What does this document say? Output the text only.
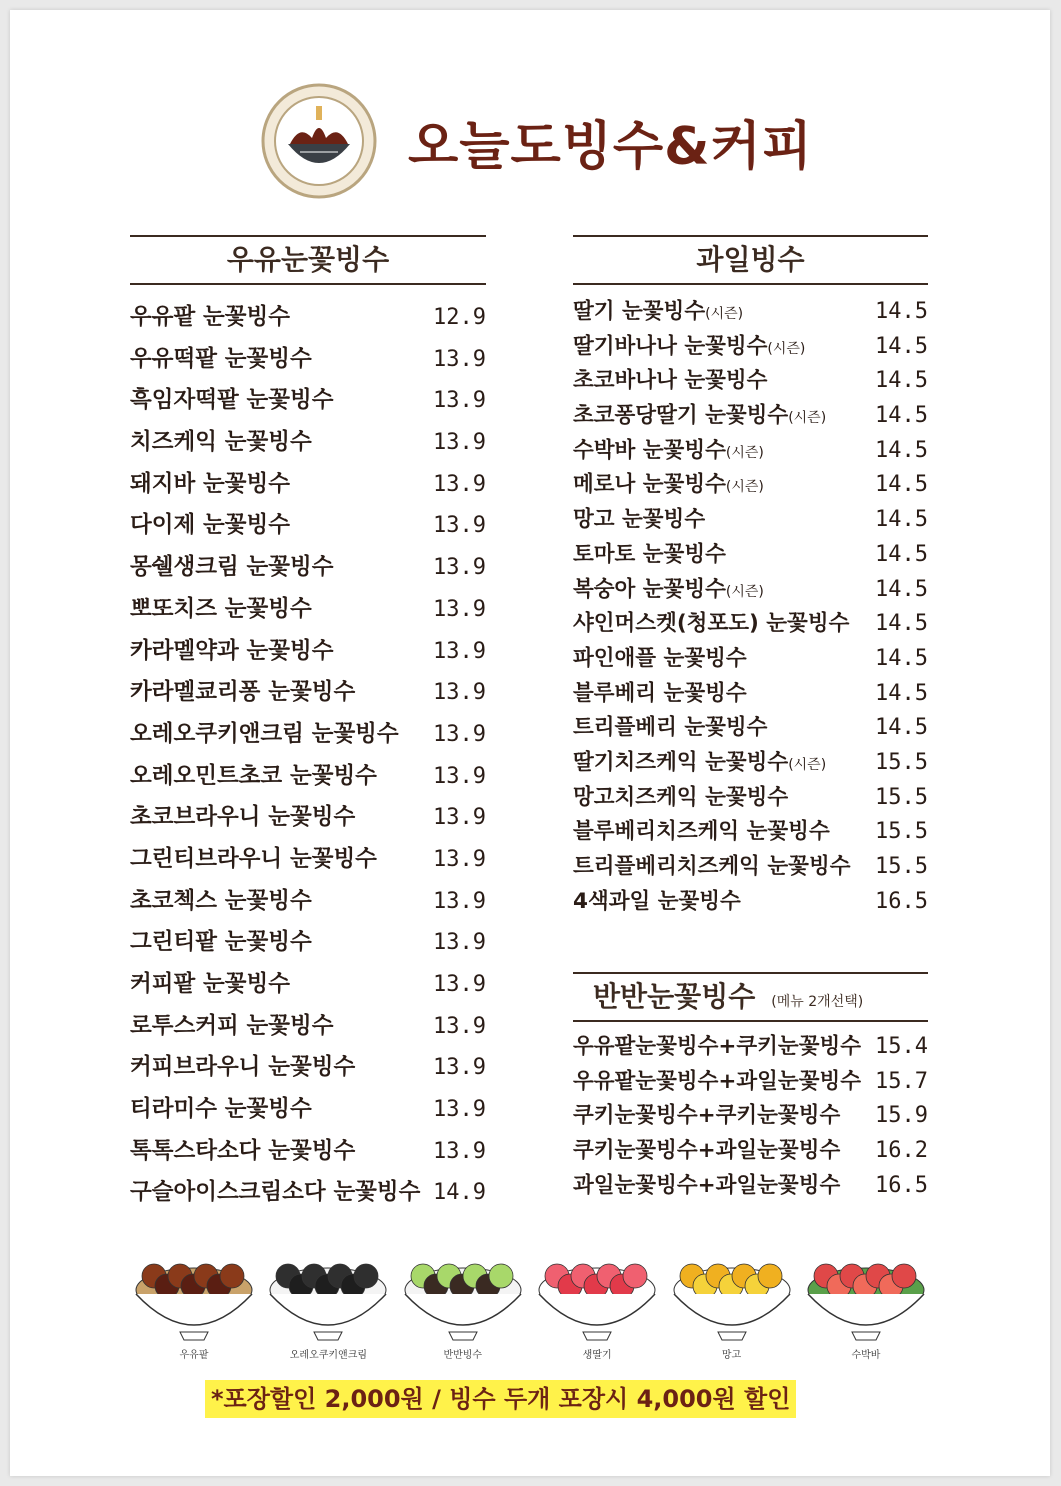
오늘도빙수&커피
우유눈꽃빙수
우유팥 눈꽃빙수	12.9
우유떡팥 눈꽃빙수	13.9
흑임자떡팥 눈꽃빙수	13.9
치즈케익 눈꽃빙수	13.9
돼지바 눈꽃빙수	13.9
다이제 눈꽃빙수	13.9
몽쉘생크림 눈꽃빙수	13.9
뽀또치즈 눈꽃빙수	13.9
카라멜약과 눈꽃빙수	13.9
카라멜쿄리퐁 눈꽃빙수	13.9
오레오쿠키앤크림 눈꽃빙수 13.9
오레오민트초코 눈꽃빙수	13.9
초코브라우니 눈꽃빙수	13.9
그린티브라우니 눈꽃빙수	13.9
초코첵스 눈꽃빙수	13.9
그린티팥 눈꽃빙수	13.9
커피팥 눈꽃빙수	13.9
로투스커피 눈꽃빙수	13.9
커피브라우니 눈꽃빙수	13.9
티라미수 눈꽃빙수	13.9
톡톡스타소다 눈꽃빙수	13.9
구슬아이스크림소다 눈꽃빙수 14.9
과일빙수
딸기 눈꽃빙수(시즌)	14.5
딸기바나나 눈꽃빙수(시즌)	14.5
초코바나나 눈꽃빙수	14.5
초코퐁당딸기 눈꽃빙수(시즌) 14.5
수박바 눈꽃빙수(시즌)	14.5
메로나 눈꽃빙수(시즌)	14.5
망고 눈꽃빙수	14.5
토마토 눈꽃빙수	14.5
복숭아 눈꽃빙수(시즌)	14.5
샤인머스켓(청포도) 눈꽃빙수 14.5
파인애플 눈꽃빙수	14.5
블루베리 눈꽃빙수	14.5
트리플베리 눈꽃빙수	14.5
딸기치즈케익 눈꽃빙수(시즌) 15.5
망고치즈케익 눈꽃빙수	15.5
블루베리치즈케익 눈꽃빙수 15.5
트리플베리치즈케익 눈꽃빙수 15.5
4색과일 눈꽃빙수	16.5
반반눈꽃빙수 (메뉴 2개선택)
우유팥눈꽃빙수+쿠키눈꽃빙수 15.4
우유팥눈꽃빙수+과일눈꽃빙수 15.7
쿠키눈꽃빙수+쿠키눈꽃빙수 15.9
쿠키눈꽃빙수+과일눈꽃빙수 16.2
과일눈꽃빙수+과일눈꽃빙수 16.5
우유팥	오레오쿠키앤크림	반반빙수	생딸기	망고	수박바
*포장할인 2,000원 / 빙수 두개 포장시 4,000원 할인
